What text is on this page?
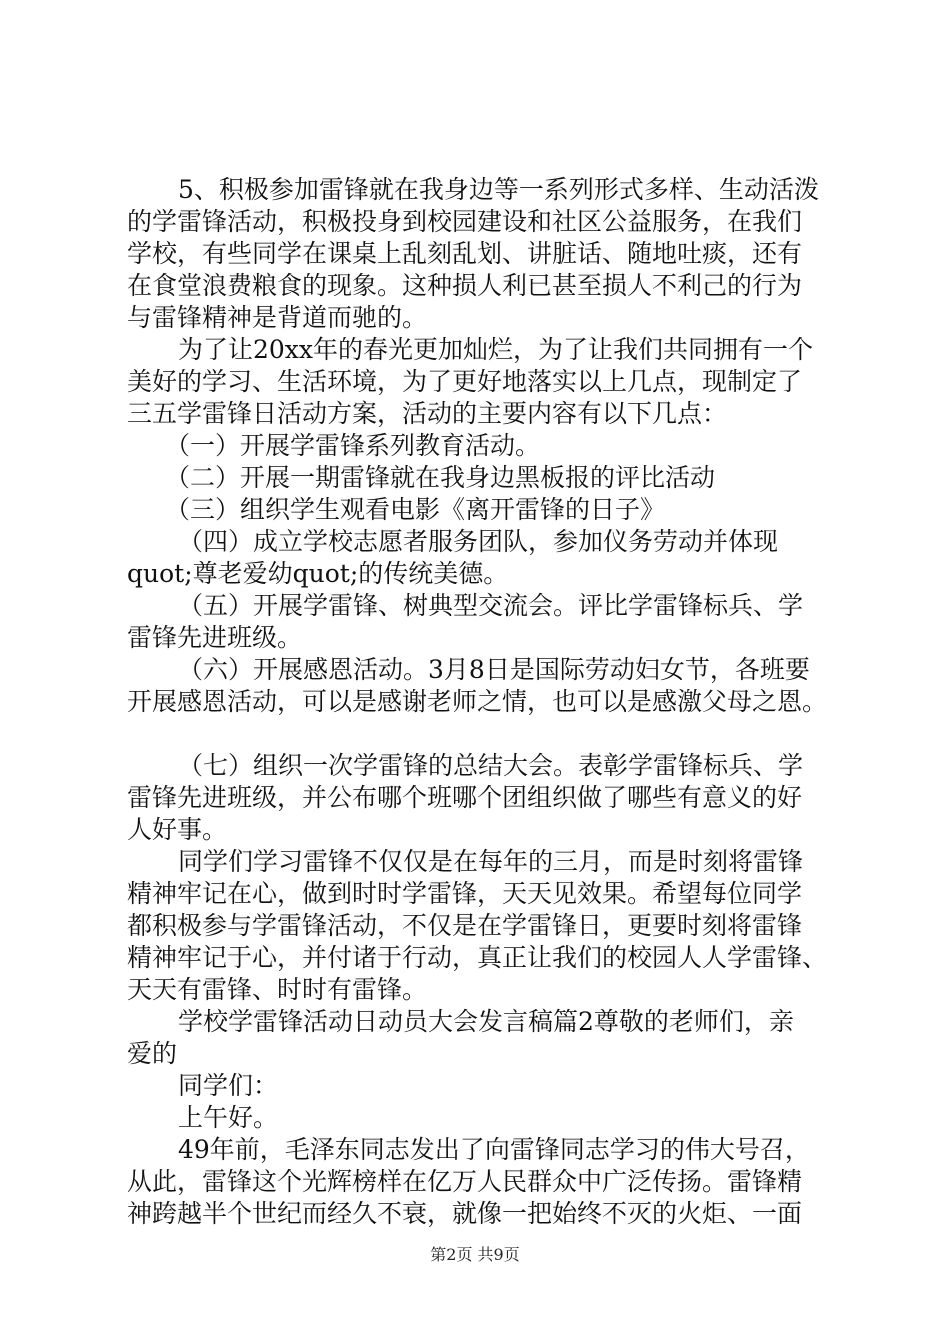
5、积极参加雷锋就在我身边等一系列形式多样、生动活泼
的学雷锋活动，积极投身到校园建设和社区公益服务，在我们
学校，有些同学在课桌上乱刻乱划、讲脏话、随地吐痰，还有
在食堂浪费粮食的现象。这种损人利已甚至损人不利己的行为
与雷锋精神是背道而驰的。
为了让20xx年的春光更加灿烂，为了让我们共同拥有一个
美好的学习、生活环境，为了更好地落实以上几点，现制定了
三五学雷锋日活动方案，活动的主要内容有以下几点：
（一）开展学雷锋系列教育活动。
（二）开展一期雷锋就在我身边黑板报的评比活动
（三）组织学生观看电影《离开雷锋的日子》
（四）成立学校志愿者服务团队，参加仪务劳动并体现
quot;尊老爱幼quot;的传统美德。
（五）开展学雷锋、树典型交流会。评比学雷锋标兵、学
雷锋先进班级。
（六）开展感恩活动。3月8日是国际劳动妇女节，各班要
开展感恩活动，可以是感谢老师之情，也可以是感激父母之恩。
（七）组织一次学雷锋的总结大会。表彰学雷锋标兵、学
雷锋先进班级，并公布哪个班哪个团组织做了哪些有意义的好
人好事。
同学们学习雷锋不仅仅是在每年的三月，而是时刻将雷锋
精神牢记在心，做到时时学雷锋，天天见效果。希望每位同学
都积极参与学雷锋活动，不仅是在学雷锋日，更要时刻将雷锋
精神牢记于心，并付诸于行动，真正让我们的校园人人学雷锋、
天天有雷锋、时时有雷锋。
学校学雷锋活动日动员大会发言稿篇2尊敬的老师们，亲
爱的
同学们：
上午好。
49年前，毛泽东同志发出了向雷锋同志学习的伟大号召，
从此，雷锋这个光辉榜样在亿万人民群众中广泛传扬。雷锋精
神跨越半个世纪而经久不衰，就像一把始终不灭的火炬、一面
第2页 共9页
